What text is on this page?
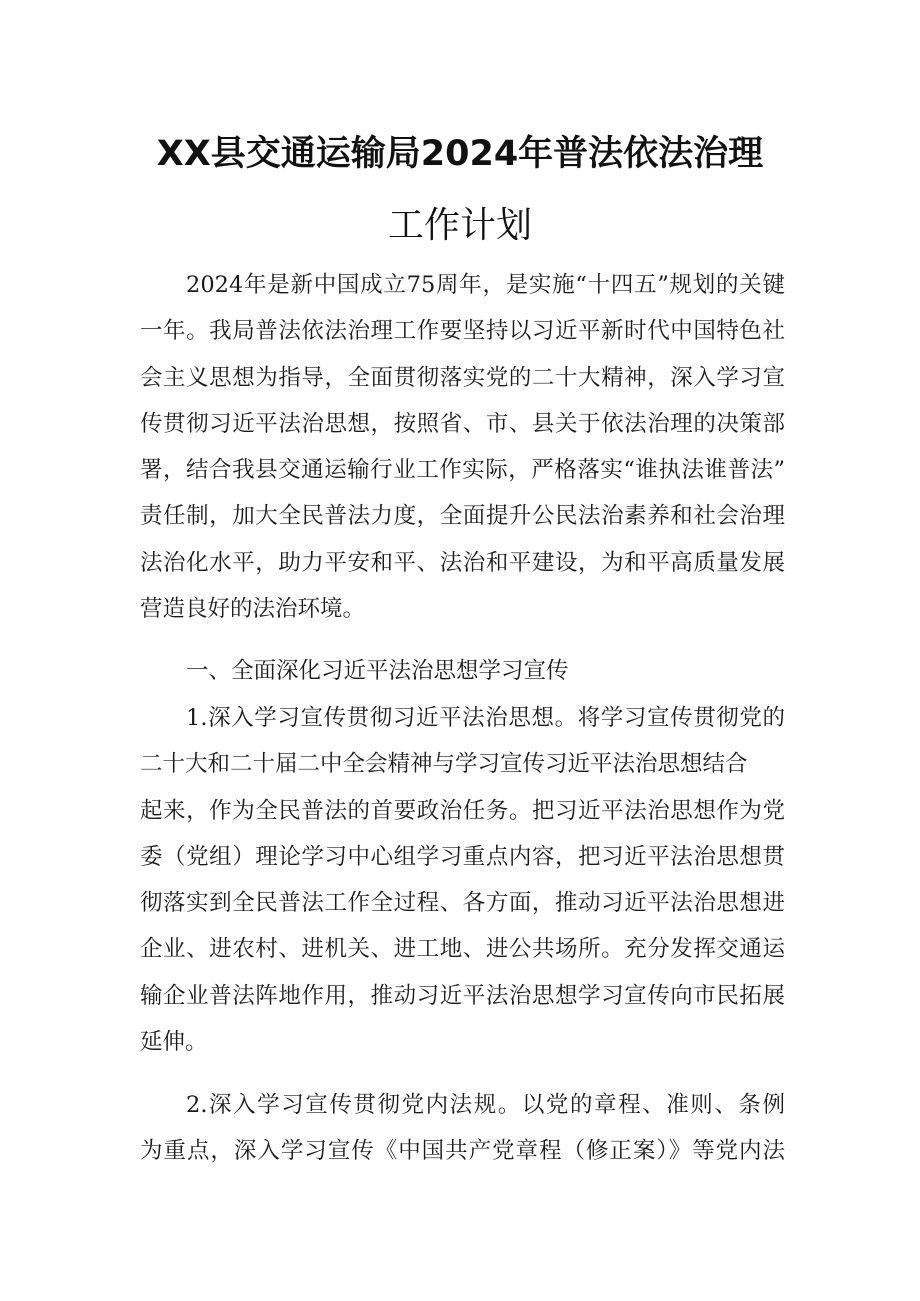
XX县交通运输局2024年普法依法治理
工作计划
2024年是新中国成立75周年，是实施“十四五”规划的关键
一年。我局普法依法治理工作要坚持以习近平新时代中国特色社
会主义思想为指导，全面贯彻落实党的二十大精神，深入学习宣
传贯彻习近平法治思想，按照省、市、县关于依法治理的决策部
署，结合我县交通运输行业工作实际，严格落实“谁执法谁普法”
责任制，加大全民普法力度，全面提升公民法治素养和社会治理
法治化水平，助力平安和平、法治和平建设，为和平高质量发展
营造良好的法治环境。
一、全面深化习近平法治思想学习宣传
1.深入学习宣传贯彻习近平法治思想。将学习宣传贯彻党的
二十大和二十届二中全会精神与学习宣传习近平法治思想结合
起来，作为全民普法的首要政治任务。把习近平法治思想作为党
委（党组）理论学习中心组学习重点内容，把习近平法治思想贯
彻落实到全民普法工作全过程、各方面，推动习近平法治思想进
企业、进农村、进机关、进工地、进公共场所。充分发挥交通运
输企业普法阵地作用，推动习近平法治思想学习宣传向市民拓展
延伸。
2.深入学习宣传贯彻党内法规。以党的章程、准则、条例
为重点，深入学习宣传《中国共产党章程（修正案）》等党内法
